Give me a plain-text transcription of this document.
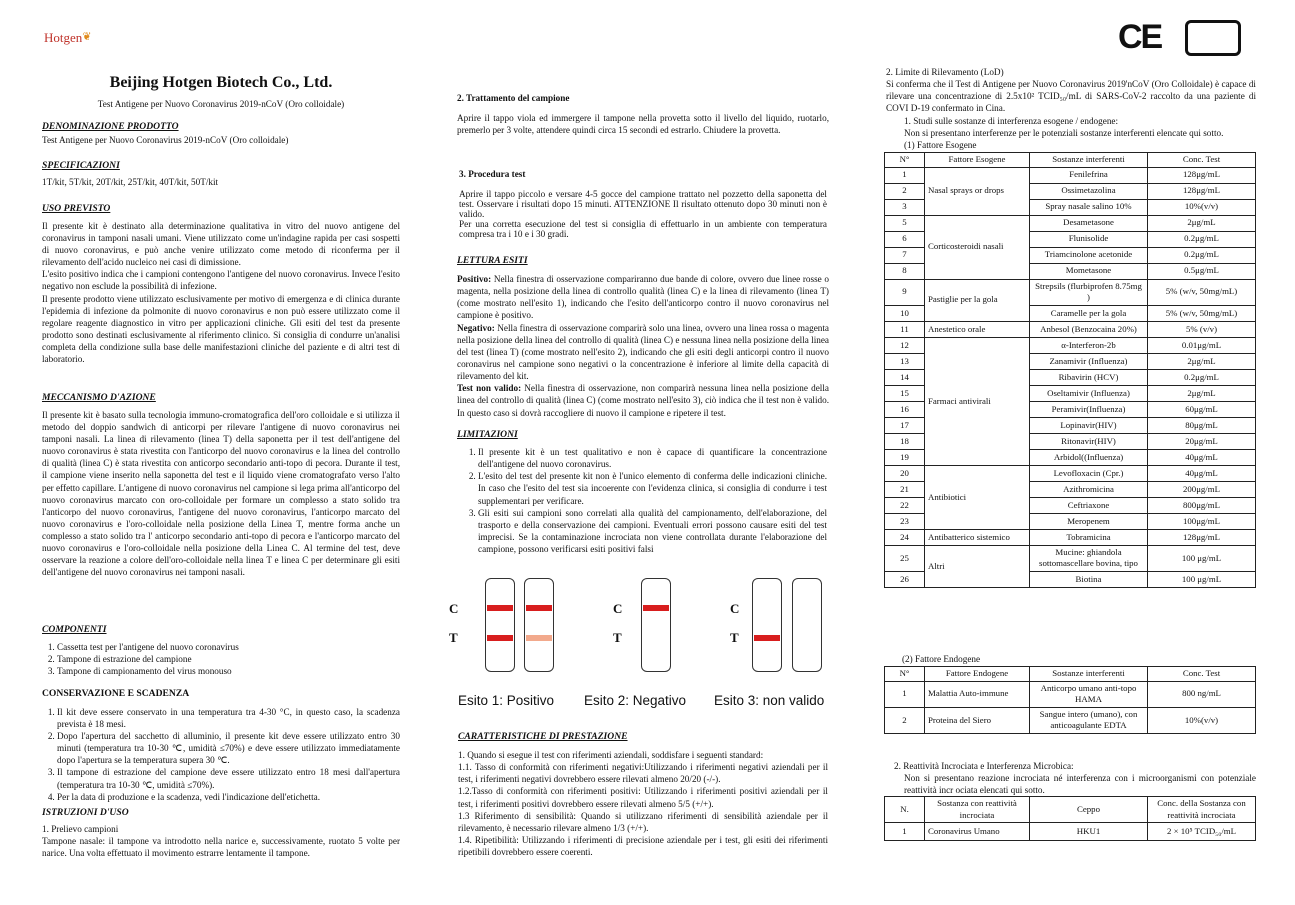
Hotgen❦	CE
Beijing Hotgen Biotech Co., Ltd.
Test Antigene per Nuovo Coronavirus 2019-nCoV (Oro colloidale)
DENOMINAZIONE PRODOTTO
Test Antigene per Nuovo Coronavirus 2019-nCoV (Oro colloidale)
SPECIFICAZIONI
1T/kit, 5T/kit, 20T/kit, 25T/kit, 40T/kit, 50T/kit
USO PREVISTO

Il presente kit è destinato alla determinazione qualitativa in vitro del nuovo antigene del coronavirus in tamponi nasali umani. Viene utilizzato come un'indagine rapida per casi sospetti di nuovo coronavirus, e può anche venire utilizzato come metodo di riconferma per il rilevamento dell'acido nucleico nei casi di dimissione.

L'esito positivo indica che i campioni contengono l'antigene del nuovo coronavirus. Invece l'esito negativo non esclude la possibilità di infezione.

Il presente prodotto viene utilizzato esclusivamente per motivo di emergenza e di clinica durante l'epidemia di infezione da polmonite di nuovo coronavirus e non può essere utilizzato come il regolare reagente diagnostico in vitro per applicazioni cliniche. Gli esiti del test da presente prodotto sono destinati esclusivamente al riferimento clinico. Si consiglia di condurre un'analisi completa della condizione sulla base delle manifestazioni cliniche del paziente e di altri test di laboratorio.

MECCANISMO D'AZIONE

Il presente kit è basato sulla tecnologia immuno-cromatografica dell'oro colloidale e si utilizza il metodo del doppio sandwich di anticorpi per rilevare l'antigene di nuovo coronavirus nei tamponi nasali. La linea di rilevamento (linea T) della saponetta per il test dell'antigene del nuovo coronavirus è stata rivestita con l'anticorpo del nuovo coronavirus e la linea del controllo di qualità (linea C) è stata rivestita con anticorpo secondario anti-topo di pecora. Durante il test, il campione viene inserito nella saponetta del test e il liquido viene cromatografato verso l'alto per effetto capillare. L'antigene di nuovo coronavirus nel campione si lega prima all'anticorpo del nuovo coronavirus marcato con oro-colloidale per formare un complesso a stato solido tra l'anticorpo del nuovo coronavirus, l'antigene del nuovo coronavirus, l'anticorpo marcato del nuovo coronavirus e l'oro-colloidale nella posizione della Linea T, mentre forma anche un complesso a stato solido tra l' anticorpo secondario anti-topo di pecora e l'anticorpo marcato del nuovo coronavirus e l'oro-colloidale nella posizione della Linea C. Al termine del test, deve osservare la reazione a colore dell'oro-colloidale nella linea T e linea C per determinare gli esiti dell'antigene del nuovo coronavirus nei tamponi nasali.

COMPONENTI
1. Cassetta test per l'antigene del nuovo coronavirus
2. Tampone di estrazione del campione
3. Tampone di campionamento del virus monouso
CONSERVAZIONE E SCADENZA
1. Il kit deve essere conservato in una temperatura tra 4-30 °C, in questo caso, la scadenza prevista è 18 mesi.
2. Dopo l'apertura del sacchetto di alluminio, il presente kit deve essere utilizzato entro 30 minuti (temperatura tra 10-30 ℃, umidità ≤70%) e deve essere utilizzato immediatamente dopo l'apertura se la temperatura supera 30 ℃.
3. Il tampone di estrazione del campione deve essere utilizzato entro 18 mesi dall'apertura (temperatura tra 10-30 ℃, umidità ≤70%).
4. Per la data di produzione e la scadenza, vedi l'indicazione dell'etichetta.
ISTRUZIONI D'USO
1. Prelievo campioni

Tampone nasale: il tampone va introdotto nella narice e, successivamente, ruotato 5 volte per narice. Una volta effettuato il movimento estrarre lentamente il tampone.

2. Trattamento del campione

Aprire il tappo viola ed immergere il tampone nella provetta sotto il livello del liquido, ruotarlo, premerlo per 3 volte, attendere quindi circa 15 secondi ed estrarlo. Chiudere la provetta.

3. Procedura test

Aprire il tappo piccolo e versare 4-5 gocce del campione trattato nel pozzetto della saponetta del test. Osservare i risultati dopo 15 minuti. ATTENZIONE Il risultato ottenuto dopo 30 minuti non è valido.

Per una corretta esecuzione del test si consiglia di effettuarlo in un ambiente con temperatura compresa tra i 10 e i 30 gradi.

LETTURA ESITI

Positivo: Nella finestra di osservazione compariranno due bande di colore, ovvero due linee rosse o magenta, nella posizione della linea di controllo qualità (linea C) e la linea di rilevamento (linea T) (come mostrato nell'esito 1), indicando che l'esito dell'anticorpo contro il nuovo coronavirus nel campione è positivo.

Negativo: Nella finestra di osservazione comparirà solo una linea, ovvero una linea rossa o magenta nella posizione della linea del controllo di qualità (linea C) e nessuna linea nella posizione della linea del test (linea T) (come mostrato nell'esito 2), indicando che gli esiti degli anticorpi contro il nuovo coronavirus nel campione sono negativi o la concentrazione è inferiore al limite della capacità di rilevamento del kit.

Test non valido: Nella finestra di osservazione, non comparirà nessuna linea nella posizione della linea del controllo di qualità (linea C) (come mostrato nell'esito 3), ciò indica che il test non è valido. In questo caso si dovrà raccogliere di nuovo il campione e ripetere il test.

LIMITAZIONI
1. Il presente kit è un test qualitativo e non è capace di quantificare la concentrazione dell'antigene del nuovo coronavirus.
2. L'esito del test del presente kit non è l'unico elemento di conferma delle indicazioni cliniche. In caso che l'esito del test sia incoerente con l'evidenza clinica, si consiglia di condurre i test supplementari per verificare.
3. Gli esiti sui campioni sono correlati alla qualità del campionamento, dell'elaborazione, del trasporto e della conservazione dei campioni. Eventuali errori possono causare esiti del test imprecisi. Se la contaminazione incrociata non viene controllata durante l'elaborazione del campione, possono verificarsi esiti positivi falsi
C
T
C
T
C
T
Esito 1: Positivo Esito 2: Negativo Esito 3: non valido
CARATTERISTICHE DI PRESTAZIONE

1. Quando si esegue il test con riferimenti aziendali, soddisfare i seguenti standard:

1.1. Tasso di conformità con riferimenti negativi:Utilizzando i riferimenti negativi aziendali per il test, i riferimenti negativi dovrebbero essere rilevati almeno 20/20 (-/-).

1.2.Tasso di conformità con riferimenti positivi: Utilizzando i riferimenti positivi aziendali per il test, i riferimenti positivi dovrebbero essere rilevati almeno 5/5 (+/+).

1.3 Riferimento di sensibilità: Quando si utilizzano riferimenti di sensibilità aziendale per il rilevamento, è necessario rilevare almeno 1/3 (+/+).

1.4. Ripetibilità: Utilizzando i riferimenti di precisione aziendale per i test, gli esiti dei riferimenti ripetibili dovrebbero essere coerenti.

2. Limite di Rilevamento (LoD)

Si conferma che il Test di Antigene per Nuovo Coronavirus 2019'nCoV (Oro Colloidale) è capace di rilevare una concentrazione di 2.5x10² TCID₅₀/mL di SARS-CoV-2 raccolto da una paziente di COVI D-19 confermato in Cina.

1. Studi sulle sostanze di interferenza esogene / endogene:
Non si presentano interferenze per le potenziali sostanze interferenti elencate qui sotto.
(1) Fattore Esogene
N°	Fattore Esogene	Sostanze interferenti	Conc. Test
1	Nasal sprays or drops	Fenilefrina	128μg/mL
2		Ossimetazolina	128μg/mL
3		Spray nasale salino 10%	10%(v/v)
5	Corticosteroidi nasali	Desametasone	2μg/mL
6		Flunisolide	0.2μg/mL
7		Triamcinolone acetonide	0.2μg/mL
8		Mometasone	0.5μg/mL
9	Pastiglie per la gola	Strepsils (flurbiprofen 8.75mg )	5% (w/v, 50mg/mL)
10		Caramelle per la gola	5% (w/v, 50mg/mL)
11	Anestetico orale	Anbesol (Benzocaina 20%)	5% (v/v)
12	Farmaci antivirali	α-Interferon-2b	0.01μg/mL
13		Zanamivir (Influenza)	2μg/mL
14		Ribavirin (HCV)	0.2μg/mL
15		Oseltamivir (Influenza)	2μg/mL
16		Peramivir(Influenza)	60μg/mL
17		Lopinavir(HIV)	80μg/mL
18		Ritonavir(HIV)	20μg/mL
19		Arbidol((Influenza)	40μg/mL
20	Antibiotici	Levofloxacin (Cpr.)	40μg/mL
21		Azithromicina	200μg/mL
22		Ceftriaxone	800μg/mL
23		Meropenem	100μg/mL
24	Antibatterico sistemico	Tobramicina	128μg/mL
25	Altri	Mucine: ghiandola sottomascellare bovina, tipo	100 μg/mL
26		Biotina	100 μg/mL
(2) Fattore Endogene
N°	Fattore Endogene	Sostanze interferenti	Conc. Test
1	Malattia Auto-immune	Anticorpo umano anti-topo HAMA	800 ng/mL
2	Proteina del Siero	Sangue intero (umano), con anticoagulante EDTA	10%(v/v)
2. Reattività Incrociata e Interferenza Microbica:

Non si presentano reazione incrociata né interferenza con i microorganismi con potenziale reattività incr ociata elencati qui sotto.

N.	Sostanza con reattività incrociata	Ceppo	Conc. della Sostanza con reattività incrociata
1	Coronavirus Umano	HKU1	2 × 10⁵ TCID₅₀/mL
